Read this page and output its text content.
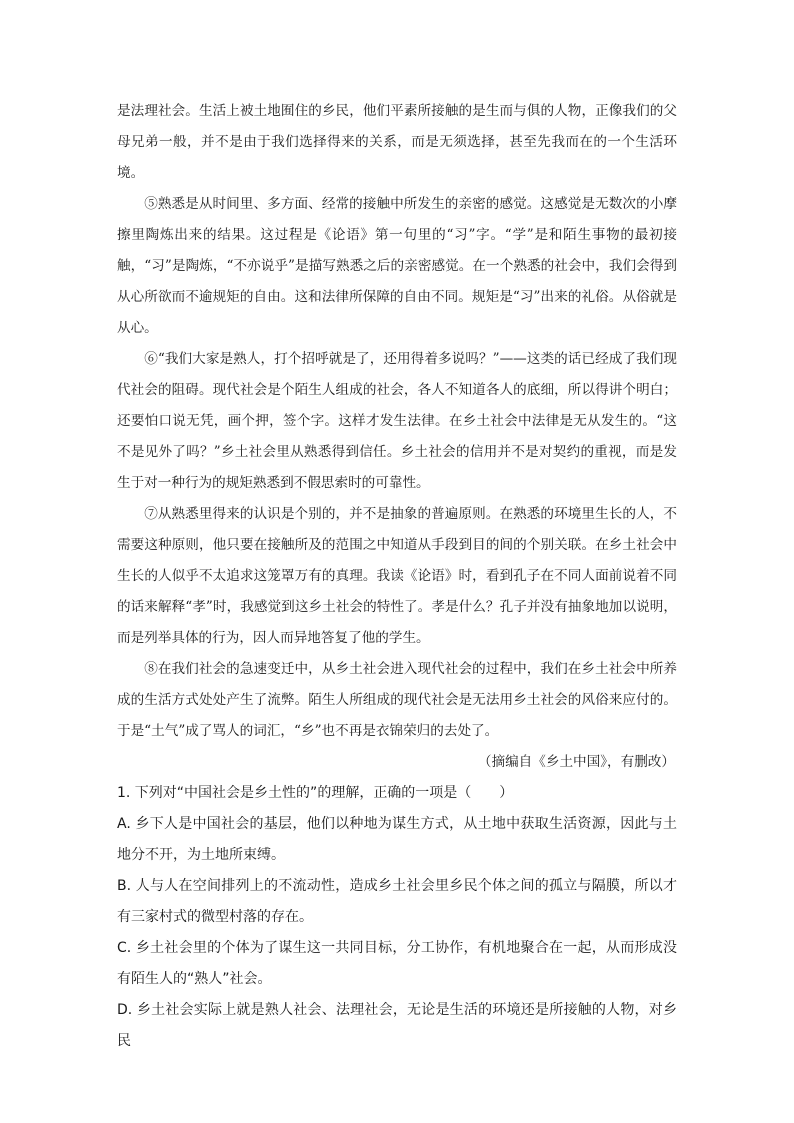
是法理社会。生活上被土地囿住的乡民，他们平素所接触的是生而与俱的人物，正像我们的父母兄弟一般，并不是由于我们选择得来的关系，而是无须选择，甚至先我而在的一个生活环境。

⑤熟悉是从时间里、多方面、经常的接触中所发生的亲密的感觉。这感觉是无数次的小摩擦里陶炼出来的结果。这过程是《论语》第一句里的“习”字。“学”是和陌生事物的最初接触，“习”是陶炼，“不亦说乎”是描写熟悉之后的亲密感觉。在一个熟悉的社会中，我们会得到从心所欲而不逾规矩的自由。这和法律所保障的自由不同。规矩是“习”出来的礼俗。从俗就是从心。

⑥“我们大家是熟人，打个招呼就是了，还用得着多说吗？”——这类的话已经成了我们现代社会的阻碍。现代社会是个陌生人组成的社会，各人不知道各人的底细，所以得讲个明白；还要怕口说无凭，画个押，签个字。这样才发生法律。在乡土社会中法律是无从发生的。“这不是见外了吗？”乡土社会里从熟悉得到信任。乡土社会的信用并不是对契约的重视，而是发生于对一种行为的规矩熟悉到不假思索时的可靠性。

⑦从熟悉里得来的认识是个别的，并不是抽象的普遍原则。在熟悉的环境里生长的人，不需要这种原则，他只要在接触所及的范围之中知道从手段到目的间的个别关联。在乡土社会中生长的人似乎不太追求这笼罩万有的真理。我读《论语》时，看到孔子在不同人面前说着不同的话来解释“孝”时，我感觉到这乡土社会的特性了。孝是什么？孔子并没有抽象地加以说明，而是列举具体的行为，因人而异地答复了他的学生。

⑧在我们社会的急速变迁中，从乡土社会进入现代社会的过程中，我们在乡土社会中所养成的生活方式处处产生了流弊。陌生人所组成的现代社会是无法用乡土社会的风俗来应付的。于是“土气”成了骂人的词汇，“乡”也不再是衣锦荣归的去处了。

（摘编自《乡土中国》，有删改）

1. 下列对“中国社会是乡土性的”的理解，正确的一项是（　　）

A. 乡下人是中国社会的基层，他们以种地为谋生方式，从土地中获取生活资源，因此与土地分不开，为土地所束缚。

B. 人与人在空间排列上的不流动性，造成乡土社会里乡民个体之间的孤立与隔膜，所以才有三家村式的微型村落的存在。

C. 乡土社会里的个体为了谋生这一共同目标，分工协作，有机地聚合在一起，从而形成没有陌生人的“熟人”社会。

D. 乡土社会实际上就是熟人社会、法理社会，无论是生活的环境还是所接触的人物，对乡民
